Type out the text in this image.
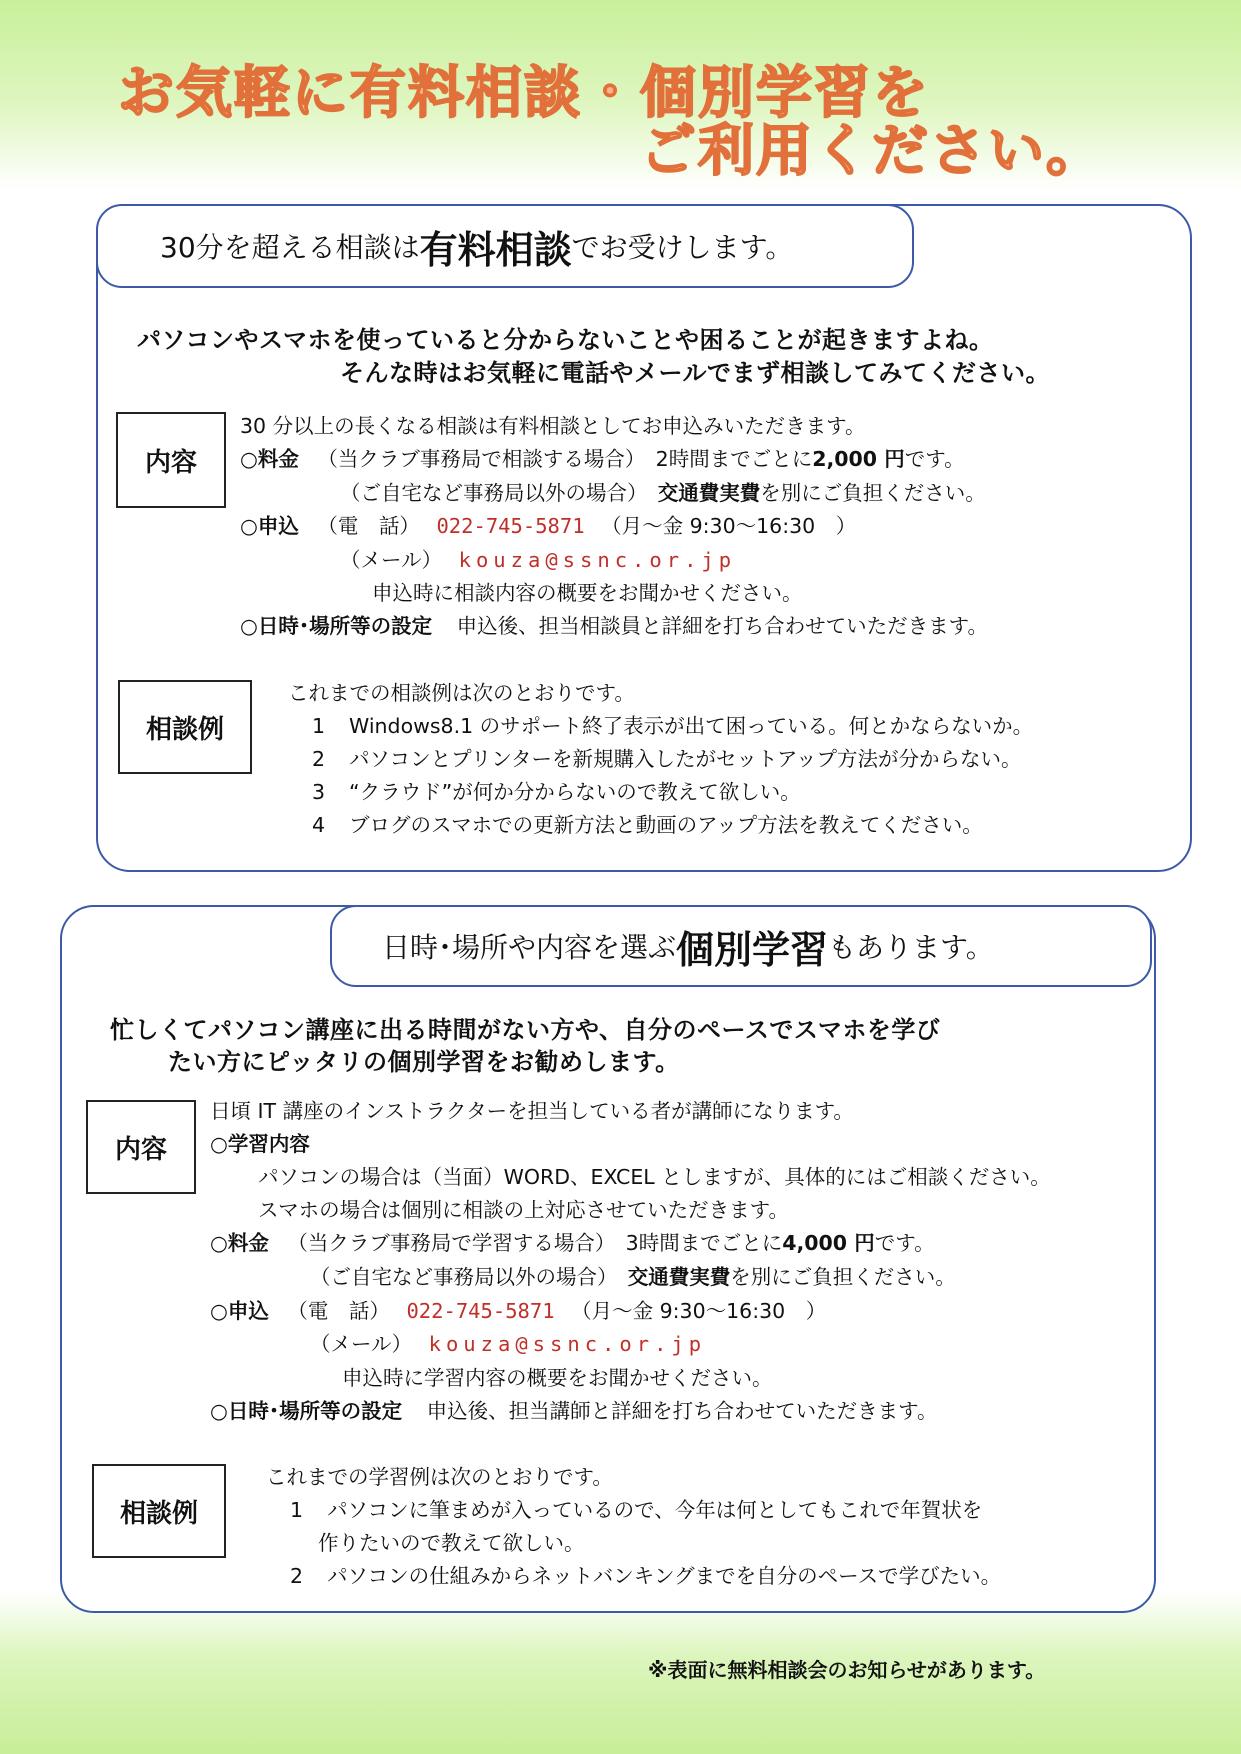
お気軽に有料相談・個別学習を
ご利用ください。
30分を超える相談は 有料相談 でお受けします。
パソコンやスマホを使っていると分からないことや困ることが起きますよね。
そんな時はお気軽に電話やメールでまず相談してみてください。
内容
30 分以上の長くなる相談は有料相談としてお申込みいただきます。
○料金 （当クラブ事務局で相談する場合）　2時間までごとに2,000 円です。
（ご自宅など事務局以外の場合）　交通費実費を別にご負担ください。
○申込 （電　話） 022-745-5871 （月～金 9:30～16:30　）
（メール） kouza@ssnc.or.jp
申込時に相談内容の概要をお聞かせください。
○日時･場所等の設定 申込後、担当相談員と詳細を打ち合わせていただきます。
相談例
これまでの相談例は次のとおりです。
1 Windows8.1 のサポート終了表示が出て困っている。何とかならないか。
2 パソコンとプリンターを新規購入したがセットアップ方法が分からない。
3 “クラウド”が何か分からないので教えて欲しい。
4 ブログのスマホでの更新方法と動画のアップ方法を教えてください。
日時･場所や内容を選ぶ 個別学習 もあります。
忙しくてパソコン講座に出る時間がない方や、自分のペースでスマホを学び
たい方にピッタリの個別学習をお勧めします。
内容
日頃 IT 講座のインストラクターを担当している者が講師になります。
○学習内容
パソコンの場合は（当面）WORD、EXCEL としますが、具体的にはご相談ください。
スマホの場合は個別に相談の上対応させていただきます。
○料金 （当クラブ事務局で学習する場合）　3時間までごとに4,000 円です。
（ご自宅など事務局以外の場合）　交通費実費を別にご負担ください。
○申込 （電　話） 022-745-5871 （月～金 9:30～16:30　）
（メール） kouza@ssnc.or.jp
申込時に学習内容の概要をお聞かせください。
○日時･場所等の設定 申込後、担当講師と詳細を打ち合わせていただきます。
相談例
これまでの学習例は次のとおりです。
1 パソコンに筆まめが入っているので、今年は何としてもこれで年賀状を
作りたいので教えて欲しい。
2 パソコンの仕組みからネットバンキングまでを自分のペースで学びたい。
※表面に無料相談会のお知らせがあります。
